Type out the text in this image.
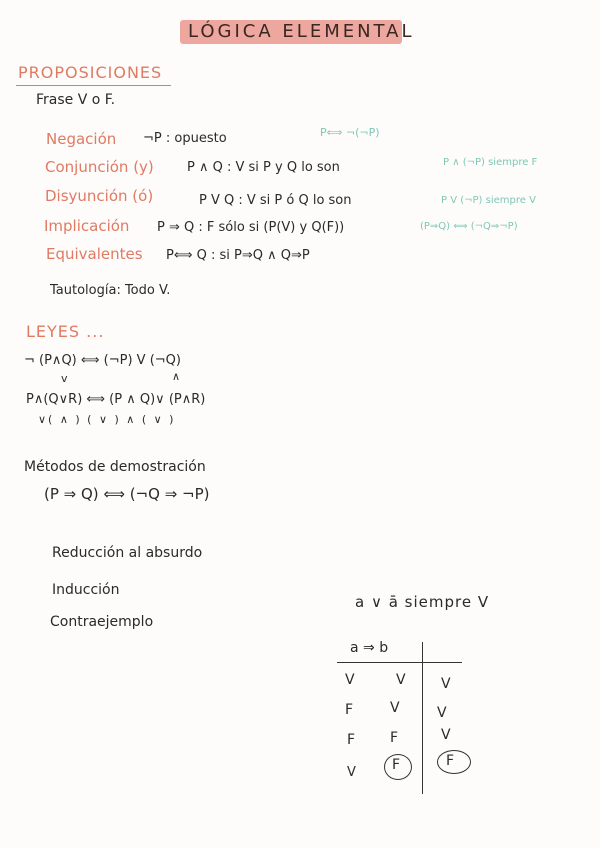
LÓGICA ELEMENTAL
PROPOSICIONES
Frase V o F.
Negación ¬P : opuesto	P⟺ ¬(¬P)
Conjunción (y)	P ∧ Q : V si P y Q lo son	P ∧ (¬P) siempre F
Disyunción (ó)	P V Q : V si P ó Q lo son	P V (¬P) siempre V
Implicación P ⇒ Q : F sólo si (P(V) y Q(F))	(P⇒Q) ⟺ (¬Q⇒¬P)
Equivalentes P⟺ Q : si P⇒Q ∧ Q⇒P
Tautología: Todo V.
LEYES ...
¬ (P∧Q) ⟺ (¬P) V (¬Q)
v	∧
P∧(Q∨R) ⟺ (P ∧ Q)∨ (P∧R)
∨( ∧ ) ( ∨ ) ∧ ( ∨ )
Métodos de demostración
(P ⇒ Q) ⟺ (¬Q ⇒ ¬P)
Reducción al absurdo
Inducción
Contraejemplo
a ∨ ā siempre V
a ⇒ b
V	V	V
F	V	V
F F	V
V	F	F
